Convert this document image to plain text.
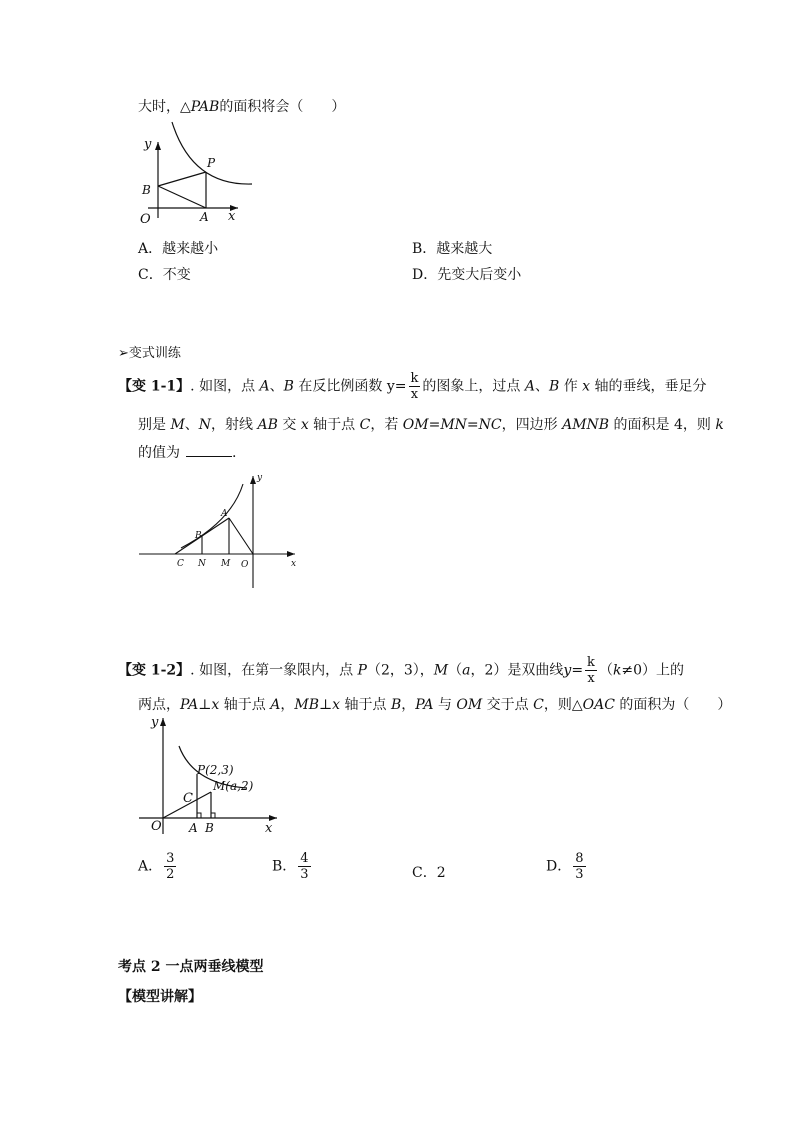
大时，△PAB的面积将会（　　）
y
x
O	A
B
P
A．越来越小	B．越来越大
C．不变	D．先变大后变小
➢变式训练
【变 1-1】. 如图，点 A、B 在反比例函数 $y= \frac{k}{x}$ 的图象上，过点 A、B 作 x 轴的垂线，垂足分
别是 M、N，射线 AB 交 x 轴于点 C，若 OM=MN=NC，四边形 AMNB 的面积是 4，则 k
的值为	.
y
x
O
A
B
C N M
【变 1-2】. 如图，在第一象限内，点 P（2，3），M（a，2）是双曲线$y= \frac{k}{x} (k\ne 0)$上的
两点，PA⊥x 轴于点 A，MB⊥x 轴于点 B，PA 与 OM 交于点 C，则△OAC 的面积为（　　）
y
x
O A B
C
P(2,3)
M(a,2)
A． $\frac{3}{2}$	B． $\frac{4}{3}$	C．2	D． $\frac{8}{3}$
考点 2 一点两垂线模型
【模型讲解】
